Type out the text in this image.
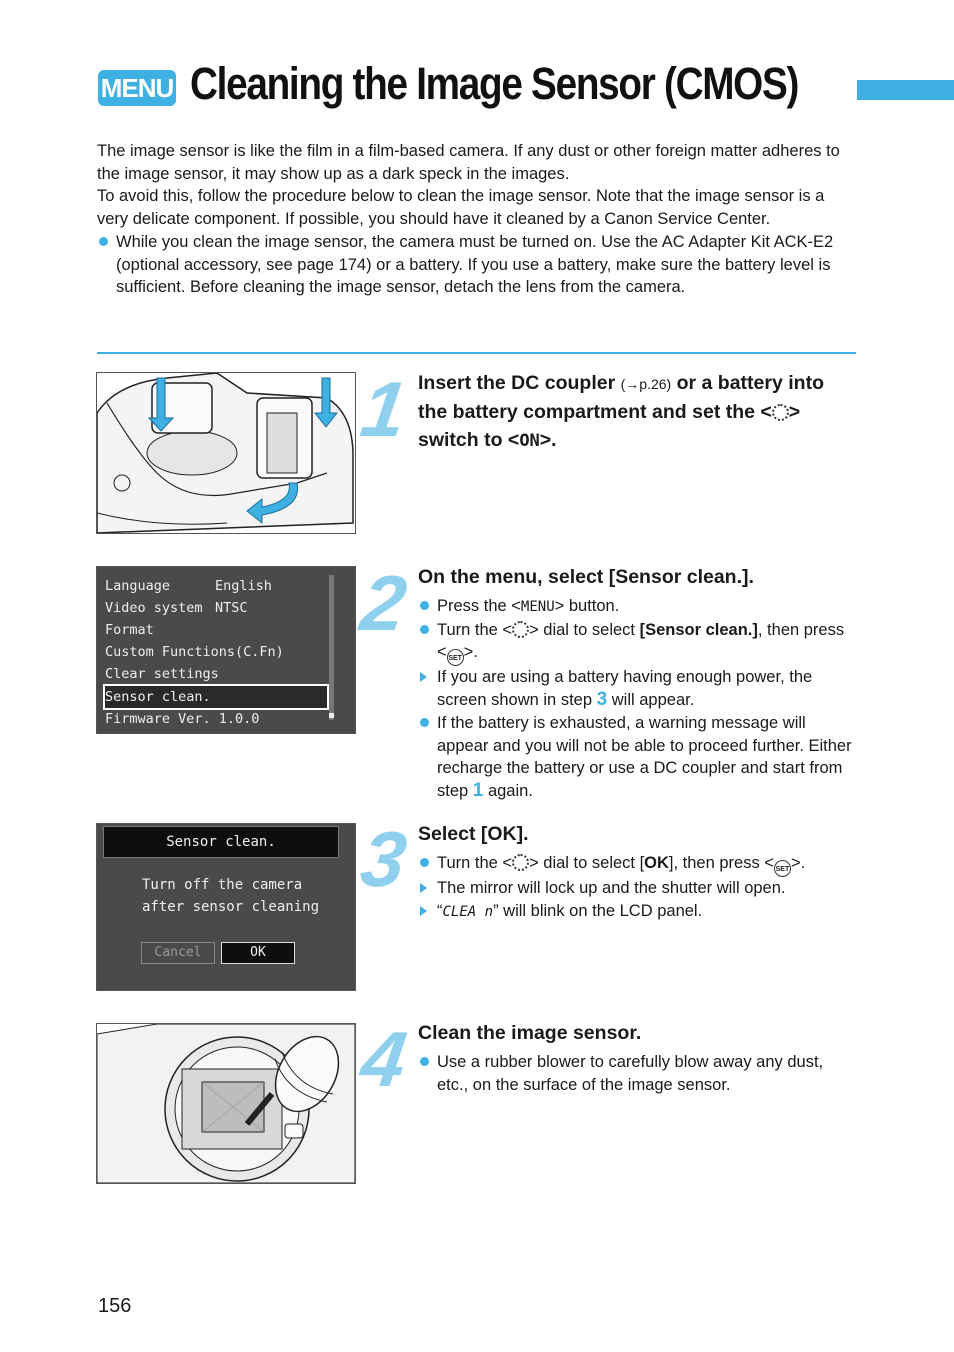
MENU Cleaning the Image Sensor (CMOS)

The image sensor is like the film in a film-based camera. If any dust or other foreign matter adheres to the image sensor, it may show up as a dark speck in the images.

To avoid this, follow the procedure below to clean the image sensor. Note that the image sensor is a very delicate component. If possible, you should have it cleaned by a Canon Service Center.

While you clean the image sensor, the camera must be turned on. Use the AC Adapter Kit ACK-E2 (optional accessory, see page 174) or a battery. If you use a battery, make sure the battery level is sufficient. Before cleaning the image sensor, detach the lens from the camera.
Language	English
Video system NTSC
Format
Custom Functions(C.Fn)
Clear settings
Sensor clean.
Firmware Ver. 1.0.0
Sensor clean.
Turn off the camera
after sensor cleaning
Cancel	OK
1
2
3
4
Insert the DC coupler (→p.26) or a battery into the battery compartment and set the < > switch to <ON>.
On the menu, select [Sensor clean.].
Press the <MENU> button.
Turn the < > dial to select [Sensor clean.], then press < SET >.
If you are using a battery having enough power, the screen shown in step 3 will appear.
If the battery is exhausted, a warning message will appear and you will not be able to proceed further. Either recharge the battery or use a DC coupler and start from step 1 again.
Select [OK].
Turn the < > dial to select [OK], then press < SET >.
The mirror will lock up and the shutter will open.
“CLEA n” will blink on the LCD panel.
Clean the image sensor.
Use a rubber blower to carefully blow away any dust, etc., on the surface of the image sensor.
156
